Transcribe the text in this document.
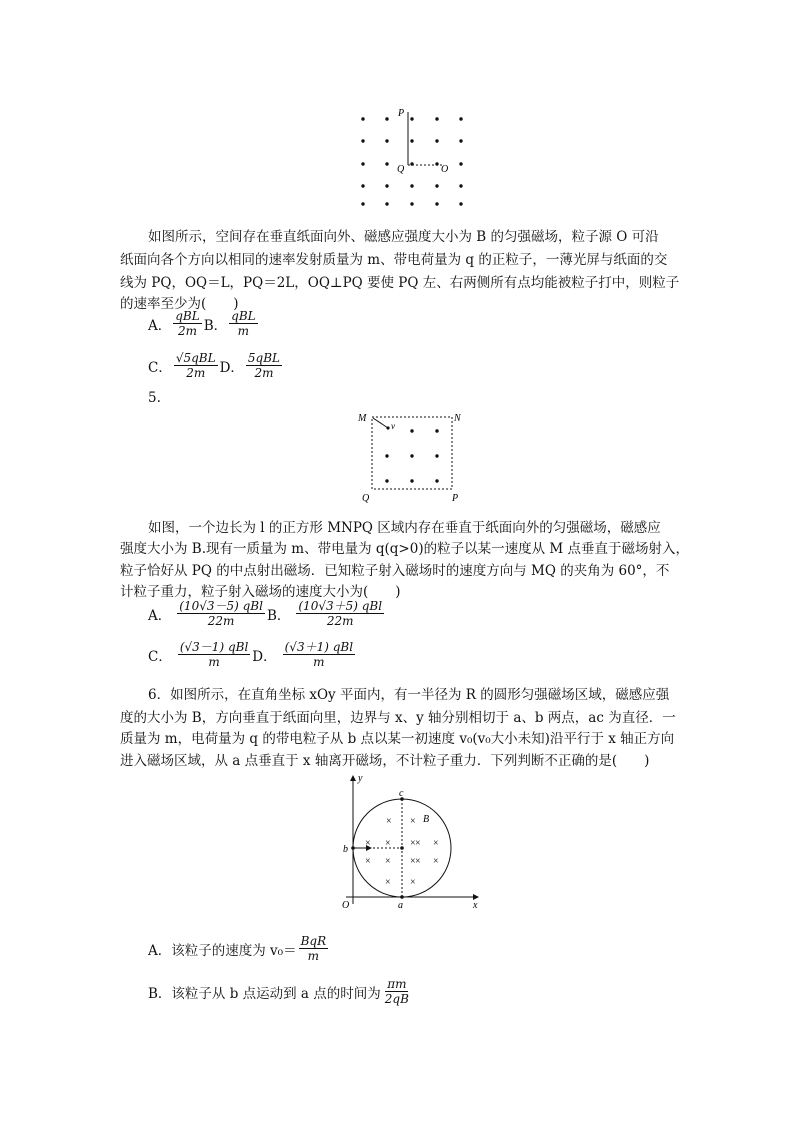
P
Q	O
如图所示，空间存在垂直纸面向外、磁感应强度大小为 B 的匀强磁场，粒子源 O 可沿
纸面向各个方向以相同的速率发射质量为 m、带电荷量为 q 的正粒子，一薄光屏与纸面的交
线为 PQ，OQ＝L，PQ＝2L，OQ⊥PQ 要使 PQ 左、右两侧所有点均能被粒子打中，则粒子
的速率至少为(　　)
A． $\frac{\text{qBL}}{2m}$ B． $\frac{\text{qBL}}{m}$
C． $\frac{\text{√5qBL}}{2m}$ D． $\frac{\text{5qBL}}{2m}$
5.
M	N
Q	P
v
如图，一个边长为 l 的正方形 MNPQ 区域内存在垂直于纸面向外的匀强磁场，磁感应
强度大小为 B.现有一质量为 m、带电量为 q(q>0)的粒子以某一速度从 M 点垂直于磁场射入，
粒子恰好从 PQ 的中点射出磁场．已知粒子射入磁场时的速度方向与 MQ 的夹角为 60°，不
计粒子重力，粒子射入磁场的速度大小为(　　)
A． $\frac{\text{(10√3－5) qBl}}{22m}$ B． $\frac{\text{(10√3＋5) qBl}}{22m}$
C． $\frac{\text{(√3－1) qBl}}{m}$ D． $\frac{\text{(√3＋1) qBl}}{m}$
6．如图所示，在直角坐标 xOy 平面内，有一半径为 R 的圆形匀强磁场区域，磁感应强
度的大小为 B，方向垂直于纸面向里，边界与 x、y 轴分别相切于 a、b 两点，ac 为直径．一
质量为 m，电荷量为 q 的带电粒子从 b 点以某一初速度 v₀(v₀大小未知)沿平行于 x 轴正方向
进入磁场区域，从 a 点垂直于 x 轴离开磁场，不计粒子重力．下列判断不正确的是(　　)
× ×
× × × ×
× × × ×
× ×
×
×
y
x
O	a
b
c
B
A．该粒子的速度为 $v_0= \frac{\text{BqR}}{m}$
B．该粒子从 b 点运动到 a 点的时间为 $\frac{\pi m}{2qB}$
